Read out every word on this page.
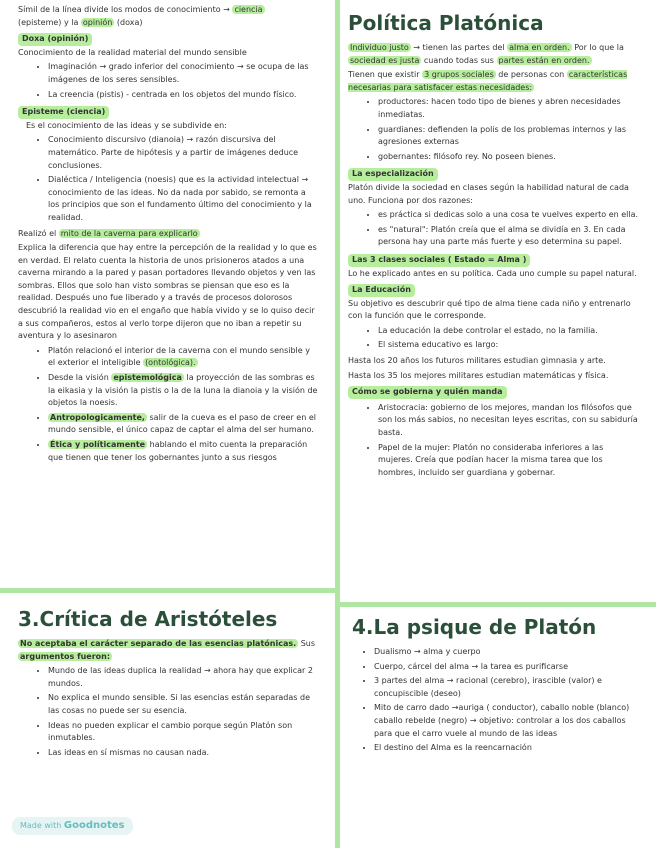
Símil de la línea divide los modos de conocimiento → ciencia
(episteme) y la opinión (doxa)

Doxa (opinión)

Conocimiento de la realidad material del mundo sensible

• Imaginación → grado inferior del conocimiento → se ocupa de las imágenes de los seres sensibles.
• La creencia (pistis) - centrada en los objetos del mundo físico.
Episteme (ciencia)

Es el conocimiento de las ideas y se subdivide en:

• Conocimiento discursivo (dianoia) → razón discursiva del matemático. Parte de hipótesis y a partir de imágenes deduce conclusiones.
• Dialéctica / Inteligencia (noesis) que es la actividad intelectual → conocimiento de las ideas. No da nada por sabido, se remonta a los principios que son el fundamento último del conocimiento y la realidad.

Realizó el mito de la caverna para explicarlo

Explica la diferencia que hay entre la percepción de la realidad y lo que es en verdad. El relato cuenta la historia de unos prisioneros atados a una caverna mirando a la pared y pasan portadores llevando objetos y ven las sombras. Ellos que solo han visto sombras se piensan que eso es la realidad. Después uno fue liberado y a través de procesos dolorosos descubrió la realidad vio en el engaño que había vivido y se lo quiso decir a sus compañeros, estos al verlo torpe dijeron que no iban a repetir su aventura y lo asesinaron

• Platón relacionó el interior de la caverna con el mundo sensible y el exterior el inteligible (ontológica).
• Desde la visión epistemológica la proyección de las sombras es la eikasia y la visión la pistis o la de la luna la dianoia y la visión de objetos la noesis.
• Antropologicamente, salir de la cueva es el paso de creer en el mundo sensible, el único capaz de captar el alma del ser humano.
• Ética y políticamente hablando el mito cuenta la preparación que tienen que tener los gobernantes junto a sus riesgos
Política Platónica

Individuo justo → tienen las partes del alma en orden. Por lo que la sociedad es justa cuando todas sus partes están en orden.

Tienen que existir 3 grupos sociales de personas con características necesarias para satisfacer estas necesidades:

• productores: hacen todo tipo de bienes y abren necesidades inmediatas.
• guardianes: defienden la polis de los problemas internos y las agresiones externas
• gobernantes: filósofo rey. No poseen bienes.
La especialización

Platón divide la sociedad en clases según la habilidad natural de cada uno. Funciona por dos razones:

• es práctica si dedicas solo a una cosa te vuelves experto en ella.
• es "natural": Platón creía que el alma se dividía en 3. En cada persona hay una parte más fuerte y eso determina su papel.
Las 3 clases sociales ( Estado = Alma )

Lo he explicado antes en su política. Cada uno cumple su papel natural.

La Educación

Su objetivo es descubrir qué tipo de alma tiene cada niño y entrenarlo con la función que le corresponde.

• La educación la debe controlar el estado, no la familia.
• El sistema educativo es largo:

Hasta los 20 años los futuros militares estudian gimnasia y arte.

Hasta los 35 los mejores militares estudian matemáticas y física.

Cómo se gobierna y quién manda
• Aristocracia: gobierno de los mejores, mandan los filósofos que son los más sabios, no necesitan leyes escritas, con su sabiduría basta.
• Papel de la mujer: Platón no consideraba inferiores a las mujeres. Creía que podían hacer la misma tarea que los hombres, incluido ser guardiana y gobernar.
3.Crítica de Aristóteles

No aceptaba el carácter separado de las esencias platónicas. Sus argumentos fueron:

• Mundo de las ideas duplica la realidad → ahora hay que explicar 2 mundos.
• No explica el mundo sensible. Si las esencias están separadas de las cosas no puede ser su esencia.
• Ideas no pueden explicar el cambio porque según Platón son inmutables.
• Las ideas en sí mismas no causan nada.
4.La psique de Platón
• Dualismo → alma y cuerpo
• Cuerpo, cárcel del alma → la tarea es purificarse
• 3 partes del alma → racional (cerebro), irascible (valor) e concupiscible (deseo)
• Mito de carro dado →auriga ( conductor), caballo noble (blanco) caballo rebelde (negro) → objetivo: controlar a los dos caballos para que el carro vuele al mundo de las ideas
• El destino del Alma es la reencarnación
Made with Goodnotes
